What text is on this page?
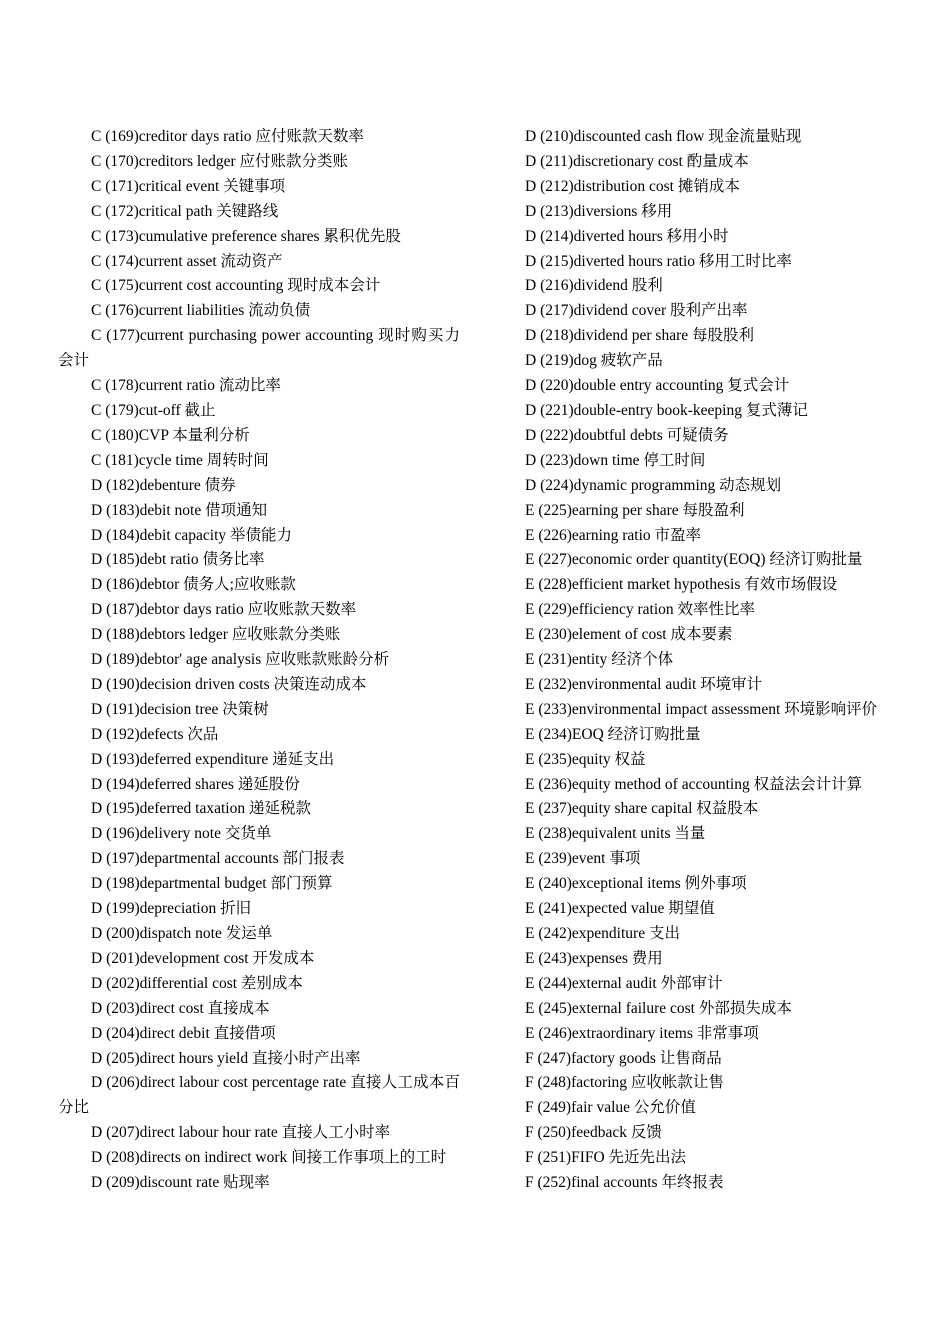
C (169)creditor days ratio 应付账款天数率
C (170)creditors ledger 应付账款分类账
C (171)critical event 关键事项
C (172)critical path 关键路线
C (173)cumulative preference shares 累积优先股
C (174)current asset 流动资产
C (175)current cost accounting 现时成本会计
C (176)current liabilities 流动负债
C (177)current purchasing power accounting 现时购买力会计
C (178)current ratio 流动比率
C (179)cut-off 截止
C (180)CVP 本量利分析
C (181)cycle time 周转时间
D (182)debenture 债券
D (183)debit note 借项通知
D (184)debit capacity 举债能力
D (185)debt ratio 债务比率
D (186)debtor 债务人;应收账款
D (187)debtor days ratio 应收账款天数率
D (188)debtors ledger 应收账款分类账
D (189)debtor' age analysis 应收账款账龄分析
D (190)decision driven costs 决策连动成本
D (191)decision tree 决策树
D (192)defects 次品
D (193)deferred expenditure 递延支出
D (194)deferred shares 递延股份
D (195)deferred taxation 递延税款
D (196)delivery note 交货单
D (197)departmental accounts 部门报表
D (198)departmental budget 部门预算
D (199)depreciation 折旧
D (200)dispatch note 发运单
D (201)development cost 开发成本
D (202)differential cost 差别成本
D (203)direct cost 直接成本
D (204)direct debit 直接借项
D (205)direct hours yield 直接小时产出率
D (206)direct labour cost percentage rate 直接人工成本百分比
D (207)direct labour hour rate 直接人工小时率
D (208)directs on indirect work 间接工作事项上的工时
D (209)discount rate 贴现率
D (210)discounted cash flow 现金流量贴现
D (211)discretionary cost 酌量成本
D (212)distribution cost 摊销成本
D (213)diversions 移用
D (214)diverted hours 移用小时
D (215)diverted hours ratio 移用工时比率
D (216)dividend 股利
D (217)dividend cover 股利产出率
D (218)dividend per share 每股股利
D (219)dog 疲软产品
D (220)double entry accounting 复式会计
D (221)double-entry book-keeping 复式薄记
D (222)doubtful debts 可疑债务
D (223)down time 停工时间
D (224)dynamic programming 动态规划
E (225)earning per share 每股盈利
E (226)earning ratio 市盈率
E (227)economic order quantity(EOQ) 经济订购批量
E (228)efficient market hypothesis 有效市场假设
E (229)efficiency ration 效率性比率
E (230)element of cost 成本要素
E (231)entity 经济个体
E (232)environmental audit 环境审计
E (233)environmental impact assessment 环境影响评价
E (234)EOQ 经济订购批量
E (235)equity 权益
E (236)equity method of accounting 权益法会计计算
E (237)equity share capital 权益股本
E (238)equivalent units 当量
E (239)event 事项
E (240)exceptional items 例外事项
E (241)expected value 期望值
E (242)expenditure 支出
E (243)expenses 费用
E (244)external audit 外部审计
E (245)external failure cost 外部损失成本
E (246)extraordinary items 非常事项
F (247)factory goods 让售商品
F (248)factoring 应收帐款让售
F (249)fair value 公允价值
F (250)feedback 反馈
F (251)FIFO 先近先出法
F (252)final accounts 年终报表
